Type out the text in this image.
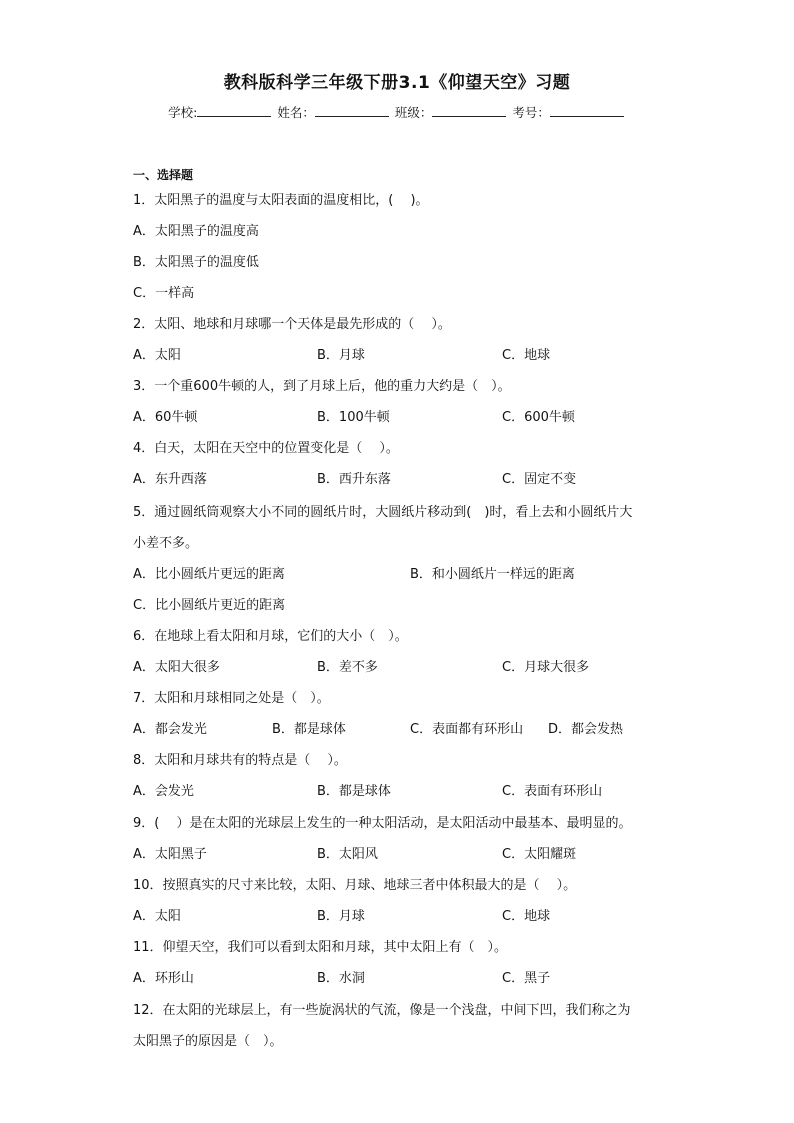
教科版科学三年级下册3.1《仰望天空》习题
学校:	姓名：	班级：	考号：
一、选择题
1．太阳黑子的温度与太阳表面的温度相比，(　 )。
A．太阳黑子的温度高
B．太阳黑子的温度低
C．一样高
2．太阳、地球和月球哪一个天体是最先形成的（　 ）。
A．太阳	B．月球	C．地球
3．一个重600牛顿的人，到了月球上后，他的重力大约是（　）。
A．60牛顿	B．100牛顿	C．600牛顿
4．白天，太阳在天空中的位置变化是（　 ）。
A．东升西落	B．西升东落	C．固定不变
5．通过圆纸筒观察大小不同的圆纸片时，大圆纸片移动到(　)时，看上去和小圆纸片大
小差不多。
A．比小圆纸片更远的距离	B．和小圆纸片一样远的距离
C．比小圆纸片更近的距离
6．在地球上看太阳和月球，它们的大小（　）。
A．太阳大很多	B．差不多	C．月球大很多
7．太阳和月球相同之处是（　）。
A．都会发光	B．都是球体	C．表面都有环形山 D．都会发热
8．太阳和月球共有的特点是（　 ）。
A．会发光	B．都是球体	C．表面有环形山
9．(　 ）是在太阳的光球层上发生的一种太阳活动，是太阳活动中最基本、最明显的。
A．太阳黑子	B．太阳风	C．太阳耀斑
10．按照真实的尺寸来比较，太阳、月球、地球三者中体积最大的是（　 ）。
A．太阳	B．月球	C．地球
11．仰望天空，我们可以看到太阳和月球，其中太阳上有（　）。
A．环形山	B．水洞	C．黑子
12．在太阳的光球层上，有一些旋涡状的气流，像是一个浅盘，中间下凹，我们称之为
太阳黑子的原因是（　）。
